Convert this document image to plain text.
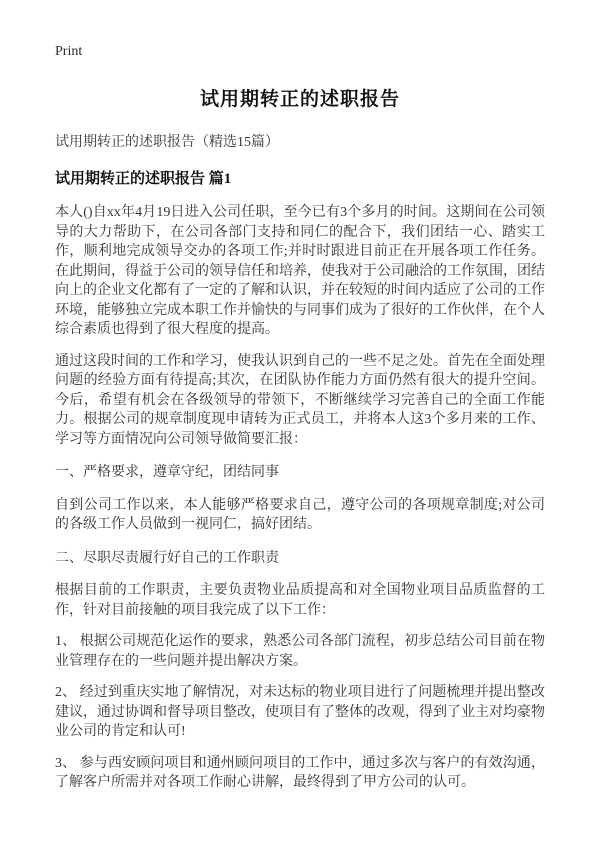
Print
试用期转正的述职报告

试用期转正的述职报告（精选15篇）

试用期转正的述职报告 篇1

本人()自xx年4月19日进入公司任职，至今已有3个多月的时间。这期间在公司领导的大力帮助下，在公司各部门支持和同仁的配合下，我们团结一心、踏实工作，顺利地完成领导交办的各项工作;并时时跟进目前正在开展各项工作任务。在此期间，得益于公司的领导信任和培养，使我对于公司融洽的工作氛围，团结向上的企业文化都有了一定的了解和认识，并在较短的时间内适应了公司的工作环境，能够独立完成本职工作并愉快的与同事们成为了很好的工作伙伴，在个人综合素质也得到了很大程度的提高。

通过这段时间的工作和学习，使我认识到自己的一些不足之处。首先在全面处理问题的经验方面有待提高;其次，在团队协作能力方面仍然有很大的提升空间。今后，希望有机会在各级领导的带领下，不断继续学习完善自己的全面工作能力。根据公司的规章制度现申请转为正式员工，并将本人这3个多月来的工作、学习等方面情况向公司领导做简要汇报：

一、严格要求，遵章守纪，团结同事

自到公司工作以来，本人能够严格要求自己，遵守公司的各项规章制度;对公司的各级工作人员做到一视同仁，搞好团结。

二、尽职尽责履行好自己的工作职责

根据目前的工作职责，主要负责物业品质提高和对全国物业项目品质监督的工作，针对目前接触的项目我完成了以下工作：

1、 根据公司规范化运作的要求，熟悉公司各部门流程，初步总结公司目前在物业管理存在的一些问题并提出解决方案。

2、 经过到重庆实地了解情况，对未达标的物业项目进行了问题梳理并提出整改建议，通过协调和督导项目整改，使项目有了整体的改观，得到了业主对均豪物业公司的肯定和认可!

3、 参与西安顾问项目和通州顾问项目的工作中，通过多次与客户的有效沟通，了解客户所需并对各项工作耐心讲解，最终得到了甲方公司的认可。
